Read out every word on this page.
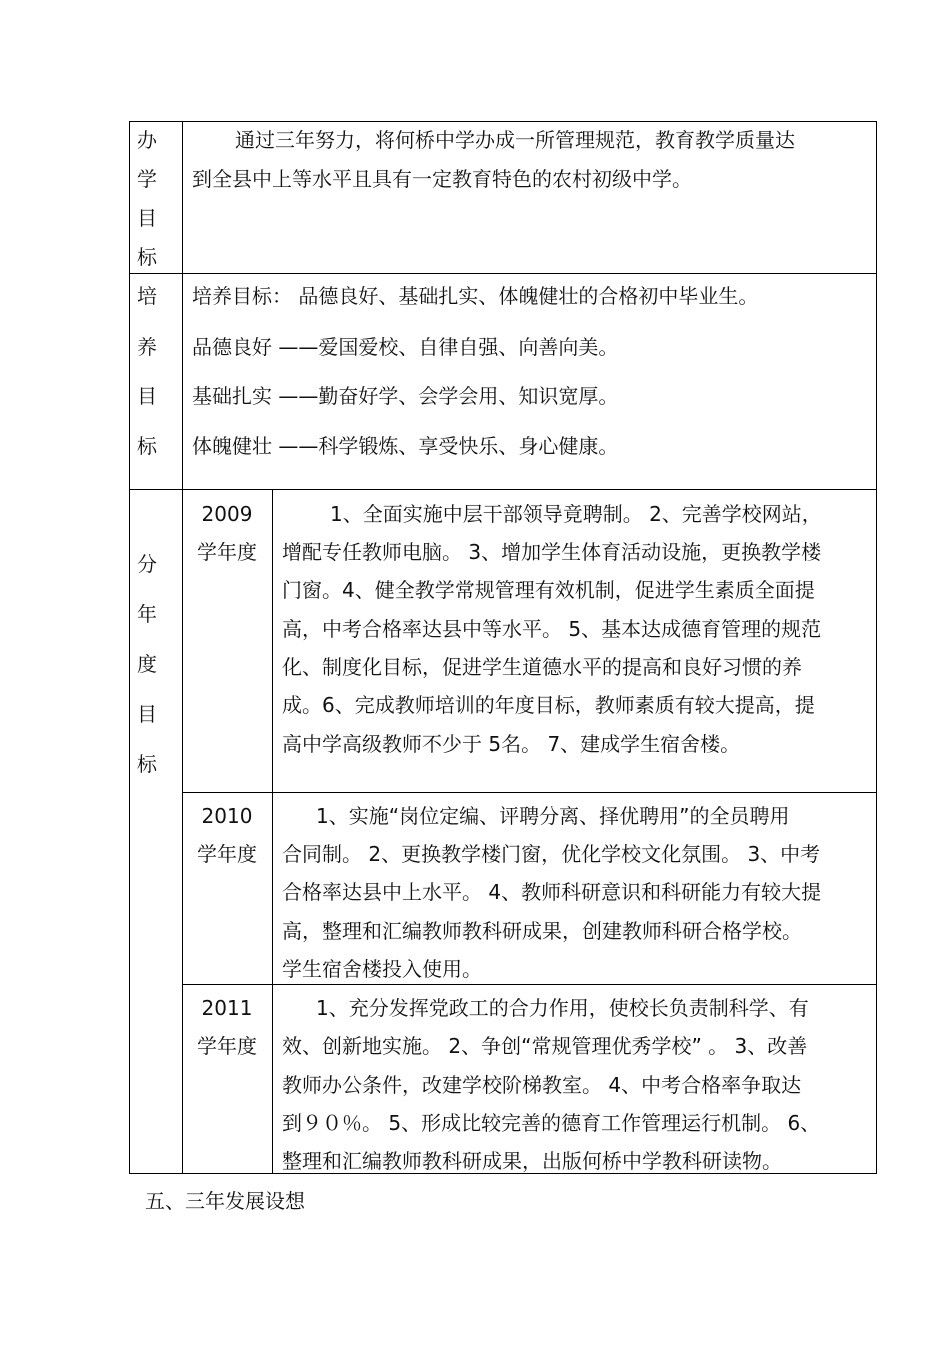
办
学
目
标
通过三年努力，将何桥中学办成一所管理规范，教育教学质量达
到全县中上等水平且具有一定教育特色的农村初级中学。
培
养
目
标
培养目标： 品德良好、基础扎实、体魄健壮的合格初中毕业生。
品德良好 ——爱国爱校、自律自强、向善向美。
基础扎实 ——勤奋好学、会学会用、知识宽厚。
体魄健壮 ——科学锻炼、享受快乐、身心健康。
分
年
度
目
标
2009
学年度
1、全面实施中层干部领导竟聘制。 2、完善学校网站，
增配专任教师电脑。 3、增加学生体育活动设施，更换教学楼
门窗。4、健全教学常规管理有效机制，促进学生素质全面提
高，中考合格率达县中等水平。 5、基本达成德育管理的规范
化、制度化目标，促进学生道德水平的提高和良好习惯的养
成。6、完成教师培训的年度目标，教师素质有较大提高，提
高中学高级教师不少于 5名。 7、建成学生宿舍楼。
2010
学年度
1、实施“岗位定编、评聘分离、择优聘用”的全员聘用
合同制。 2、更换教学楼门窗，优化学校文化氛围。 3、中考
合格率达县中上水平。 4、教师科研意识和科研能力有较大提
高，整理和汇编教师教科研成果，创建教师科研合格学校。
学生宿舍楼投入使用。
2011
学年度
1、充分发挥党政工的合力作用，使校长负责制科学、有
效、创新地实施。 2、争创“常规管理优秀学校” 。 3、改善
教师办公条件，改建学校阶梯教室。 4、中考合格率争取达
到９０％。 5、形成比较完善的德育工作管理运行机制。 6、
整理和汇编教师教科研成果，出版何桥中学教科研读物。
五、三年发展设想
